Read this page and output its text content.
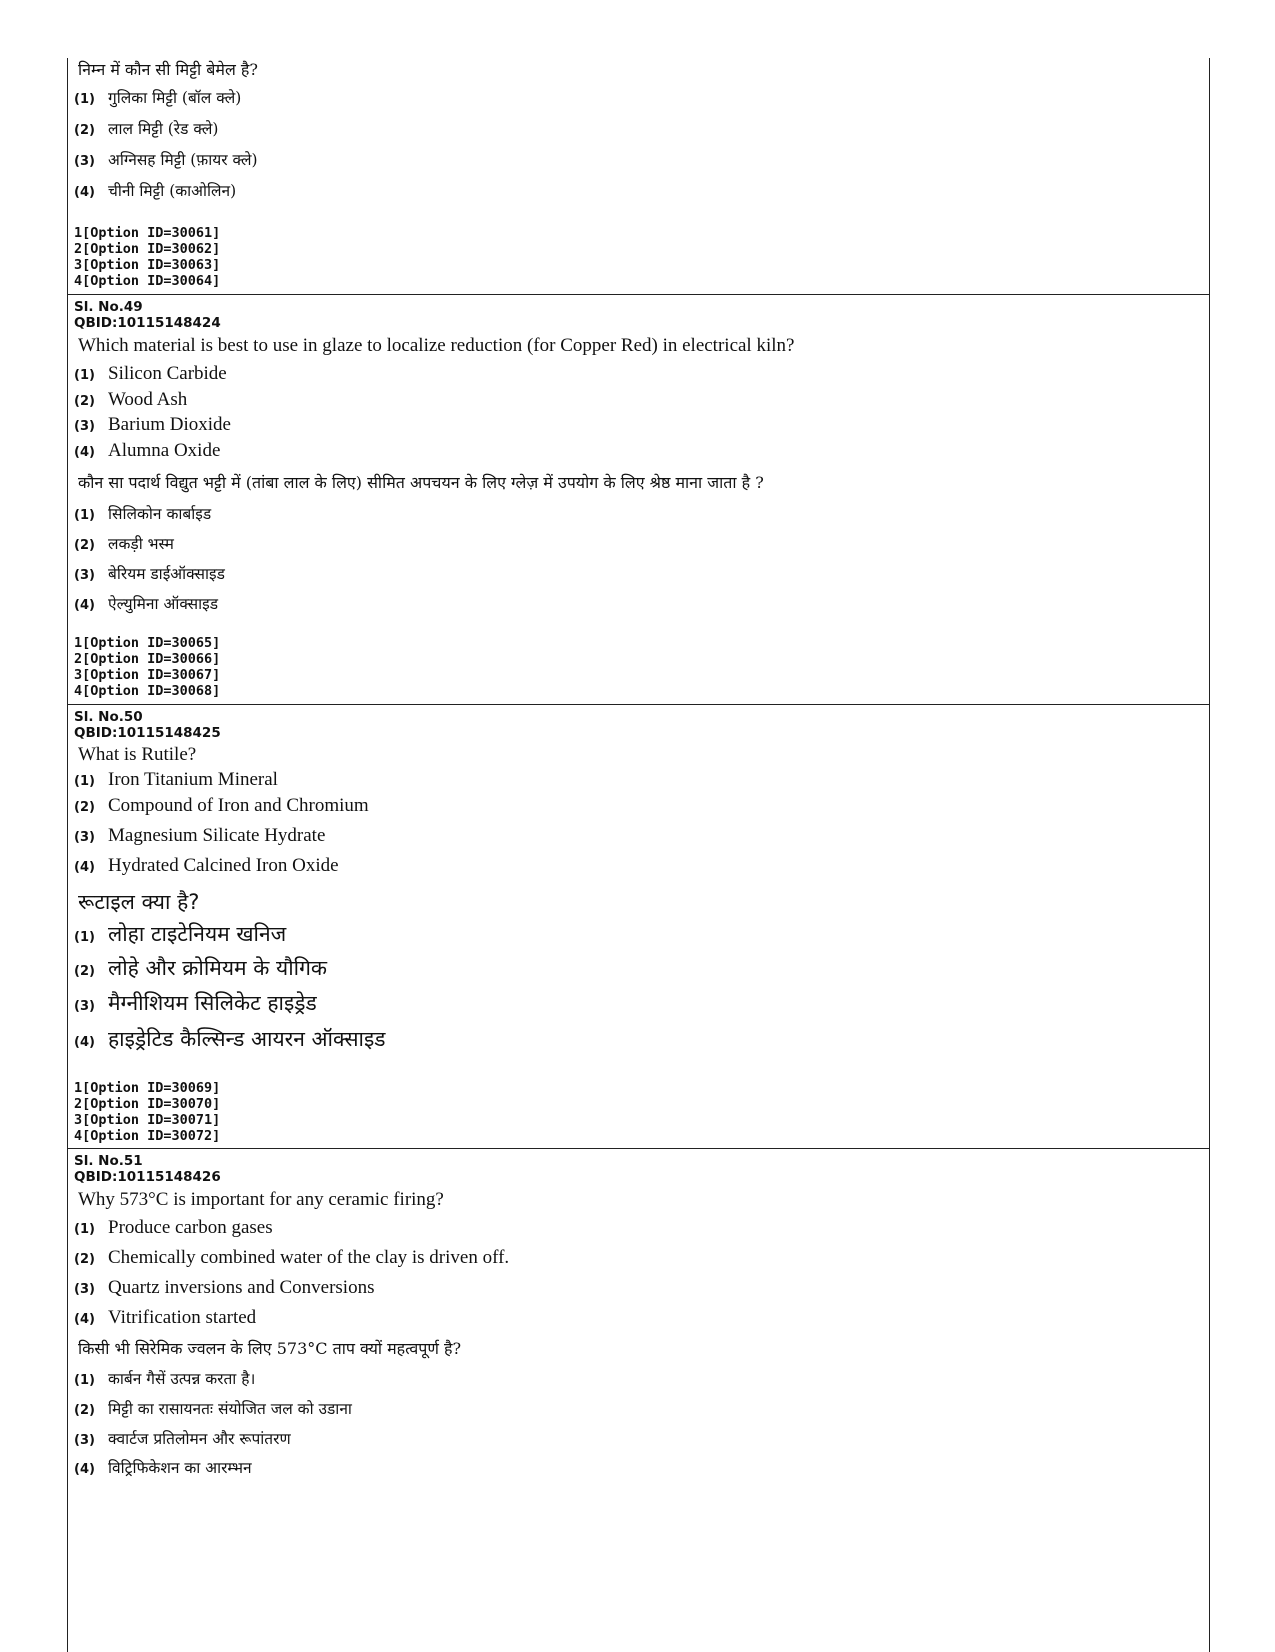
निम्न में कौन सी मिट्टी बेमेल है?
(1) गुलिका मिट्टी (बॉल क्ले)
(2) लाल मिट्टी (रेड क्ले)
(3) अग्निसह मिट्टी (फ़ायर क्ले)
(4) चीनी मिट्टी (काओलिन)
1[Option ID=30061]
2[Option ID=30062]
3[Option ID=30063]
4[Option ID=30064]
Sl. No.49
QBID:10115148424
Which material is best to use in glaze to localize reduction (for Copper Red) in electrical kiln?
(1) Silicon Carbide
(2) Wood Ash
(3) Barium Dioxide
(4) Alumna Oxide
कौन सा पदार्थ विद्युत भट्टी में (तांबा लाल के लिए) सीमित अपचयन के लिए ग्लेज़ में उपयोग के लिए श्रेष्ठ माना जाता है ?
(1) सिलिकोन कार्बाइड
(2) लकड़ी भस्म
(3) बेरियम डाईऑक्साइड
(4) ऐल्युमिना ऑक्साइड
1[Option ID=30065]
2[Option ID=30066]
3[Option ID=30067]
4[Option ID=30068]
Sl. No.50
QBID:10115148425
What is Rutile?
(1) Iron Titanium Mineral
(2) Compound of Iron and Chromium
(3) Magnesium Silicate Hydrate
(4) Hydrated Calcined Iron Oxide
रूटाइल क्या है?
(1) लोहा टाइटेनियम खनिज
(2) लोहे और क्रोमियम के यौगिक
(3) मैग्नीशियम सिलिकेट हाइड्रेड
(4) हाइड्रेटिड कैल्सिन्ड आयरन ऑक्साइड
1[Option ID=30069]
2[Option ID=30070]
3[Option ID=30071]
4[Option ID=30072]
Sl. No.51
QBID:10115148426
Why 573°C is important for any ceramic firing?
(1) Produce carbon gases
(2) Chemically combined water of the clay is driven off.
(3) Quartz inversions and Conversions
(4) Vitrification started
किसी भी सिरेमिक ज्वलन के लिए 573°C ताप क्यों महत्वपूर्ण है?
(1) कार्बन गैसें उत्पन्न करता है।
(2) मिट्टी का रासायनतः संयोजित जल को उडाना
(3) क्वार्टज प्रतिलोमन और रूपांतरण
(4) विट्रिफिकेशन का आरम्भन
